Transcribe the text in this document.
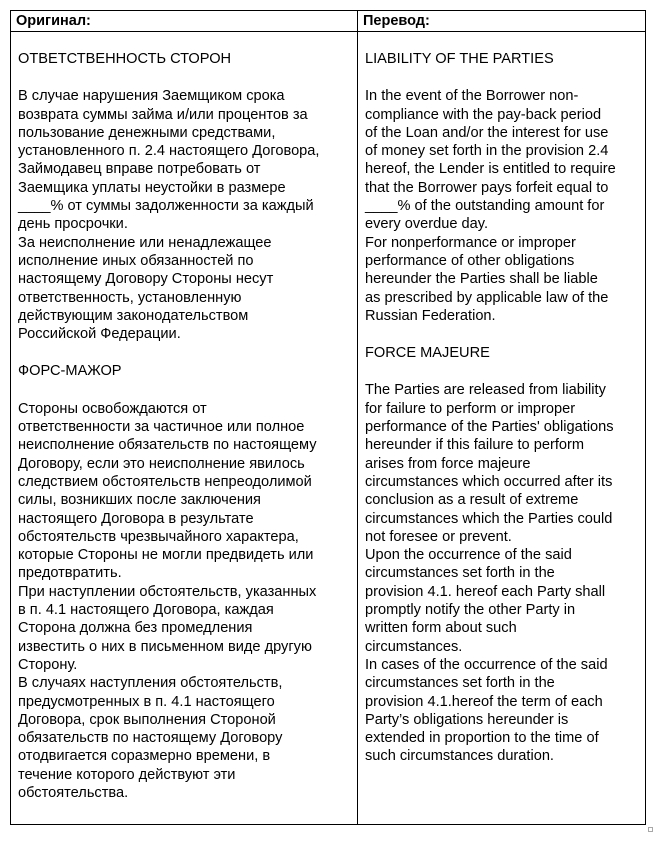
Оригинал:	Перевод:

ОТВЕТСТВЕННОСТЬ СТОРОН

В случае нарушения Заемщиком срока
возврата суммы займа и/или процентов за
пользование денежными средствами,
установленного п. 2.4 настоящего Договора,
Займодавец вправе потребовать от
Заемщика уплаты неустойки в размере
____% от суммы задолженности за каждый
день просрочки.

За неисполнение или ненадлежащее
исполнение иных обязанностей по
настоящему Договору Стороны несут
ответственность, установленную
действующим законодательством
Российской Федерации.

ФОРС-МАЖОР

Стороны освобождаются от
ответственности за частичное или полное
неисполнение обязательств по настоящему
Договору, если это неисполнение явилось
следствием обстоятельств непреодолимой
силы, возникших после заключения
настоящего Договора в результате
обстоятельств чрезвычайного характера,
которые Стороны не могли предвидеть или
предотвратить.

При наступлении обстоятельств, указанных
в п. 4.1 настоящего Договора, каждая
Сторона должна без промедления
известить о них в письменном виде другую
Сторону.

В случаях наступления обстоятельств,
предусмотренных в п. 4.1 настоящего
Договора, срок выполнения Стороной
обязательств по настоящему Договору
отодвигается соразмерно времени, в
течение которого действуют эти
обстоятельства.

LIABILITY OF THE PARTIES

In the event of the Borrower non-
compliance with the pay-back period
of the Loan and/or the interest for use
of money set forth in the provision 2.4
hereof, the Lender is entitled to require
that the Borrower pays forfeit equal to
____% of the outstanding amount for
every overdue day.

For nonperformance or improper
performance of other obligations
hereunder the Parties shall be liable
as prescribed by applicable law of the
Russian Federation.

FORCE MAJEURE

The Parties are released from liability
for failure to perform or improper
performance of the Parties' obligations
hereunder if this failure to perform
arises from force majeure
circumstances which occurred after its
conclusion as a result of extreme
circumstances which the Parties could
not foresee or prevent.

Upon the occurrence of the said
circumstances set forth in the
provision 4.1. hereof each Party shall
promptly notify the other Party in
written form about such
circumstances.

In cases of the occurrence of the said
circumstances set forth in the
provision 4.1.hereof the term of each
Party’s obligations hereunder is
extended in proportion to the time of
such circumstances duration.
